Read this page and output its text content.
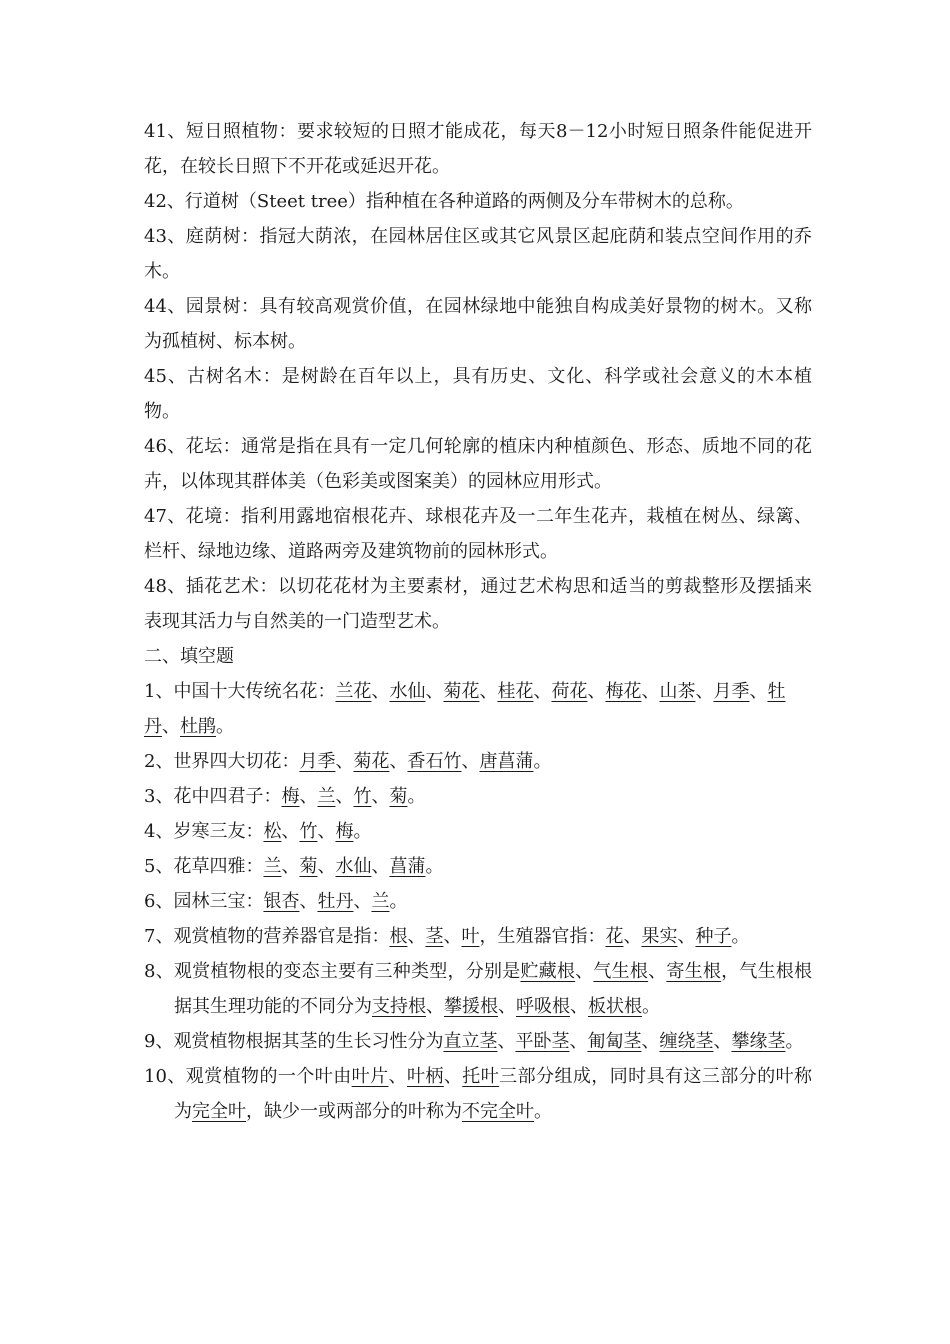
41、短日照植物：要求较短的日照才能成花，每天8－12小时短日照条件能促进开花，在较长日照下不开花或延迟开花。

42、行道树（Steet tree）指种植在各种道路的两侧及分车带树木的总称。

43、庭荫树：指冠大荫浓，在园林居住区或其它风景区起庇荫和装点空间作用的乔木。

44、园景树：具有较高观赏价值，在园林绿地中能独自构成美好景物的树木。又称为孤植树、标本树。

45、古树名木：是树龄在百年以上，具有历史、文化、科学或社会意义的木本植物。

46、花坛：通常是指在具有一定几何轮廓的植床内种植颜色、形态、质地不同的花卉，以体现其群体美（色彩美或图案美）的园林应用形式。

47、花境：指利用露地宿根花卉、球根花卉及一二年生花卉，栽植在树丛、绿篱、栏杆、绿地边缘、道路两旁及建筑物前的园林形式。

48、插花艺术：以切花花材为主要素材，通过艺术构思和适当的剪裁整形及摆插来表现其活力与自然美的一门造型艺术。

二、填空题

1、中国十大传统名花：兰花、水仙、菊花、桂花、荷花、梅花、山茶、月季、牡丹、杜鹃。

2、世界四大切花：月季、菊花、香石竹、唐菖蒲。

3、花中四君子：梅、兰、竹、菊。

4、岁寒三友：松、竹、梅。

5、花草四雅：兰、菊、水仙、菖蒲。

6、园林三宝：银杏、牡丹、兰。

7、观赏植物的营养器官是指：根、茎、叶，生殖器官指：花、果实、种子。

8、观赏植物根的变态主要有三种类型，分别是贮藏根、气生根、寄生根，气生根根据其生理功能的不同分为支持根、攀援根、呼吸根、板状根。

9、观赏植物根据其茎的生长习性分为直立茎、平卧茎、匍匐茎、缠绕茎、攀缘茎。

10、观赏植物的一个叶由叶片、叶柄、托叶三部分组成，同时具有这三部分的叶称为完全叶，缺少一或两部分的叶称为不完全叶。
